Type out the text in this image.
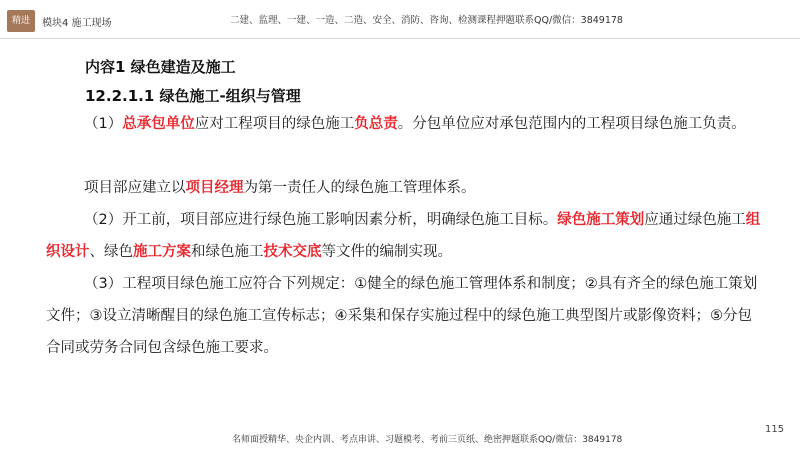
精进	模块4 施工现场	二建、监理、一建、一造、二造、安全、消防、咨询、检测课程押题联系QQ/微信：3849178
内容1 绿色建造及施工
12.2.1.1 绿色施工-组织与管理
（1）总承包单位应对工程项目的绿色施工负总责。分包单位应对承包范围内的工程项目绿色施工负责。
项目部应建立以项目经理为第一责任人的绿色施工管理体系。
（2）开工前，项目部应进行绿色施工影响因素分析，明确绿色施工目标。绿色施工策划应通过绿色施工组织设计、绿色施工方案和绿色施工技术交底等文件的编制实现。
（3）工程项目绿色施工应符合下列规定：①健全的绿色施工管理体系和制度；②具有齐全的绿色施工策划文件；③设立清晰醒目的绿色施工宣传标志；④采集和保存实施过程中的绿色施工典型图片或影像资料；⑤分包合同或劳务合同包含绿色施工要求。
115
名师面授精华、央企内训、考点串讲、习题模考、考前三页纸、绝密押题联系QQ/微信：3849178
